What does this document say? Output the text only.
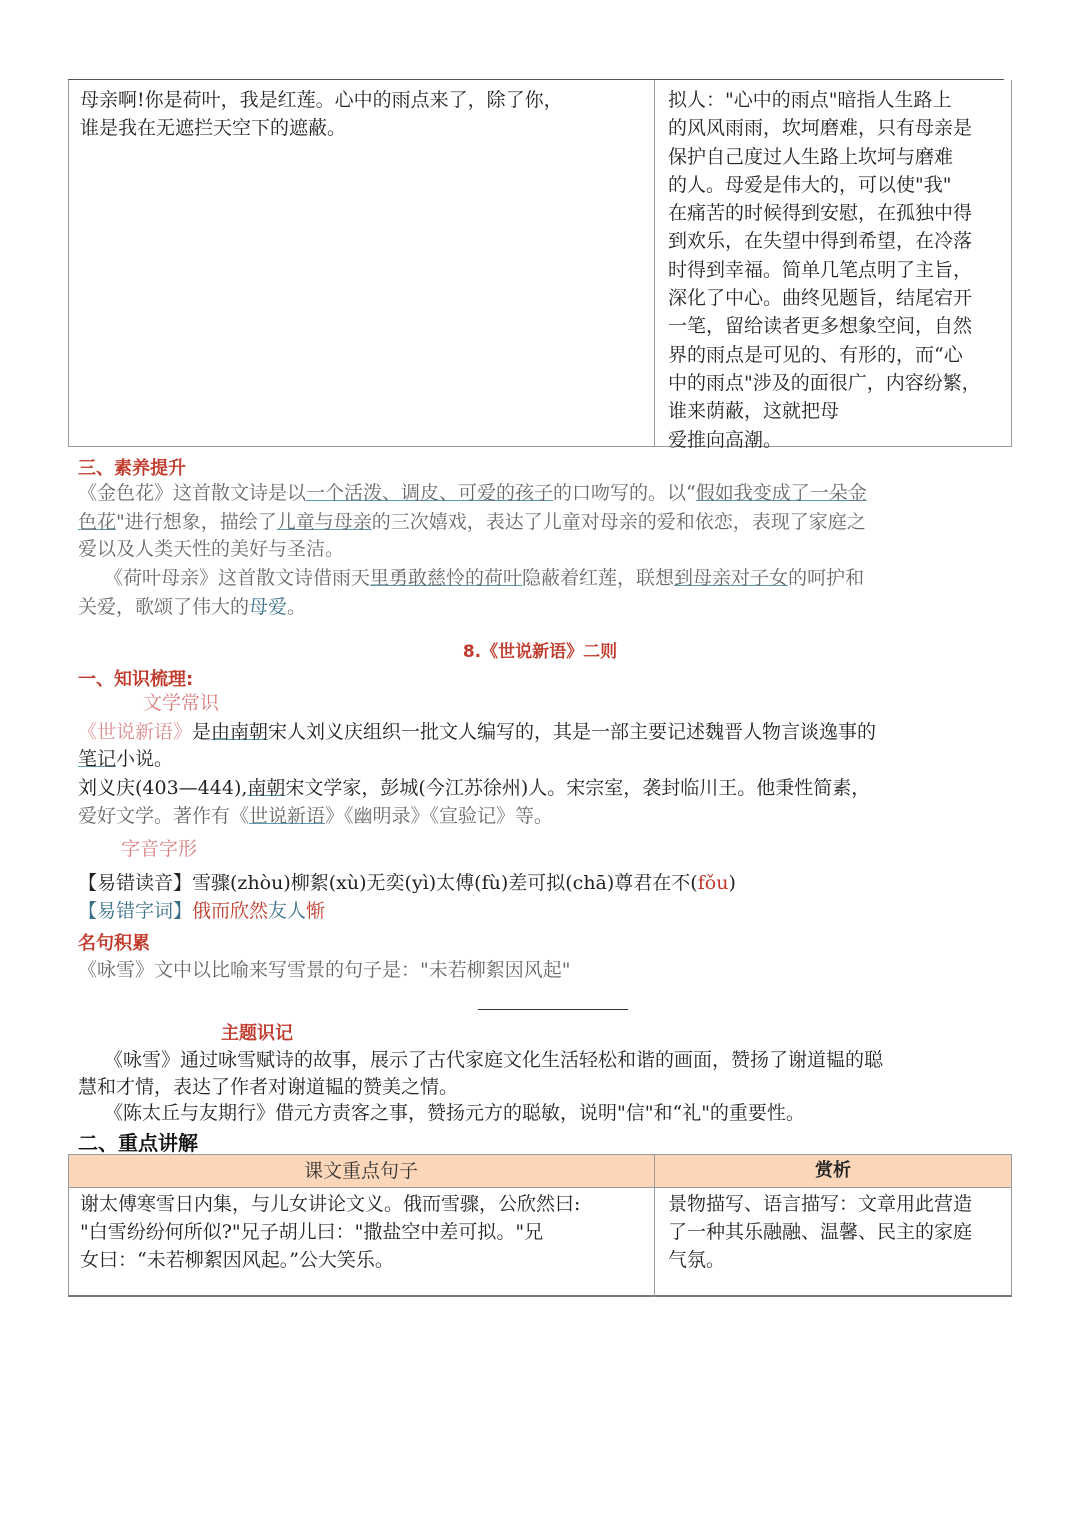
母亲啊!你是荷叶，我是红莲。心中的雨点来了，除了你，
谁是我在无遮拦天空下的遮蔽。
拟人："心中的雨点"暗指人生路上
的风风雨雨，坎坷磨难，只有母亲是
保护自己度过人生路上坎坷与磨难
的人。母爱是伟大的，可以使"我"
在痛苦的时候得到安慰，在孤独中得
到欢乐，在失望中得到希望，在冷落
时得到幸福。简单几笔点明了主旨，
深化了中心。曲终见题旨，结尾宕开
一笔，留给读者更多想象空间，自然
界的雨点是可见的、有形的，而“心
中的雨点"涉及的面很广，内容纷繁，
谁来荫蔽，这就把母
爱推向高潮。
三、素养提升
《金色花》这首散文诗是以一个活泼、调皮、可爱的孩子的口吻写的。以“假如我变成了一朵金
色花"进行想象，描绘了儿童与母亲的三次嬉戏，表达了儿童对母亲的爱和依恋，表现了家庭之
爱以及人类天性的美好与圣洁。
《荷叶母亲》这首散文诗借雨天里勇敢慈怜的荷叶隐蔽着红莲，联想到母亲对子女的呵护和
关爱，歌颂了伟大的母爱。
8.《世说新语》二则
一、知识梳理:
文学常识
《世说新语》是由南朝宋人刘义庆组织一批文人编写的，其是一部主要记述魏晋人物言谈逸事的
笔记小说。
刘义庆(403—444),南朝宋文学家，彭城(今江苏徐州)人。宋宗室，袭封临川王。他秉性简素，
爱好文学。著作有《世说新语》《幽明录》《宣验记》等。
字音字形
【易错读音】雪骤(zhòu)柳絮(xù)无奕(yì)太傅(fù)差可拟(chā)尊君在不(fǒu)
【易错字词】俄而欣然友人惭
名句积累
《咏雪》文中以比喻来写雪景的句子是："未若柳絮因风起"
主题识记
《咏雪》通过咏雪赋诗的故事，展示了古代家庭文化生活轻松和谐的画面，赞扬了谢道韫的聪
慧和才情，表达了作者对谢道韫的赞美之情。
《陈太丘与友期行》借元方责客之事，赞扬元方的聪敏，说明"信"和“礼"的重要性。
二、重点讲解
课文重点句子	赏析
谢太傅寒雪日内集，与儿女讲论文义。俄而雪骤，公欣然曰:
"白雪纷纷何所似?"兄子胡儿曰："撒盐空中差可拟。"兄
女曰：“未若柳絮因风起。”公大笑乐。
景物描写、语言描写：文章用此营造
了一种其乐融融、温馨、民主的家庭
气氛。
